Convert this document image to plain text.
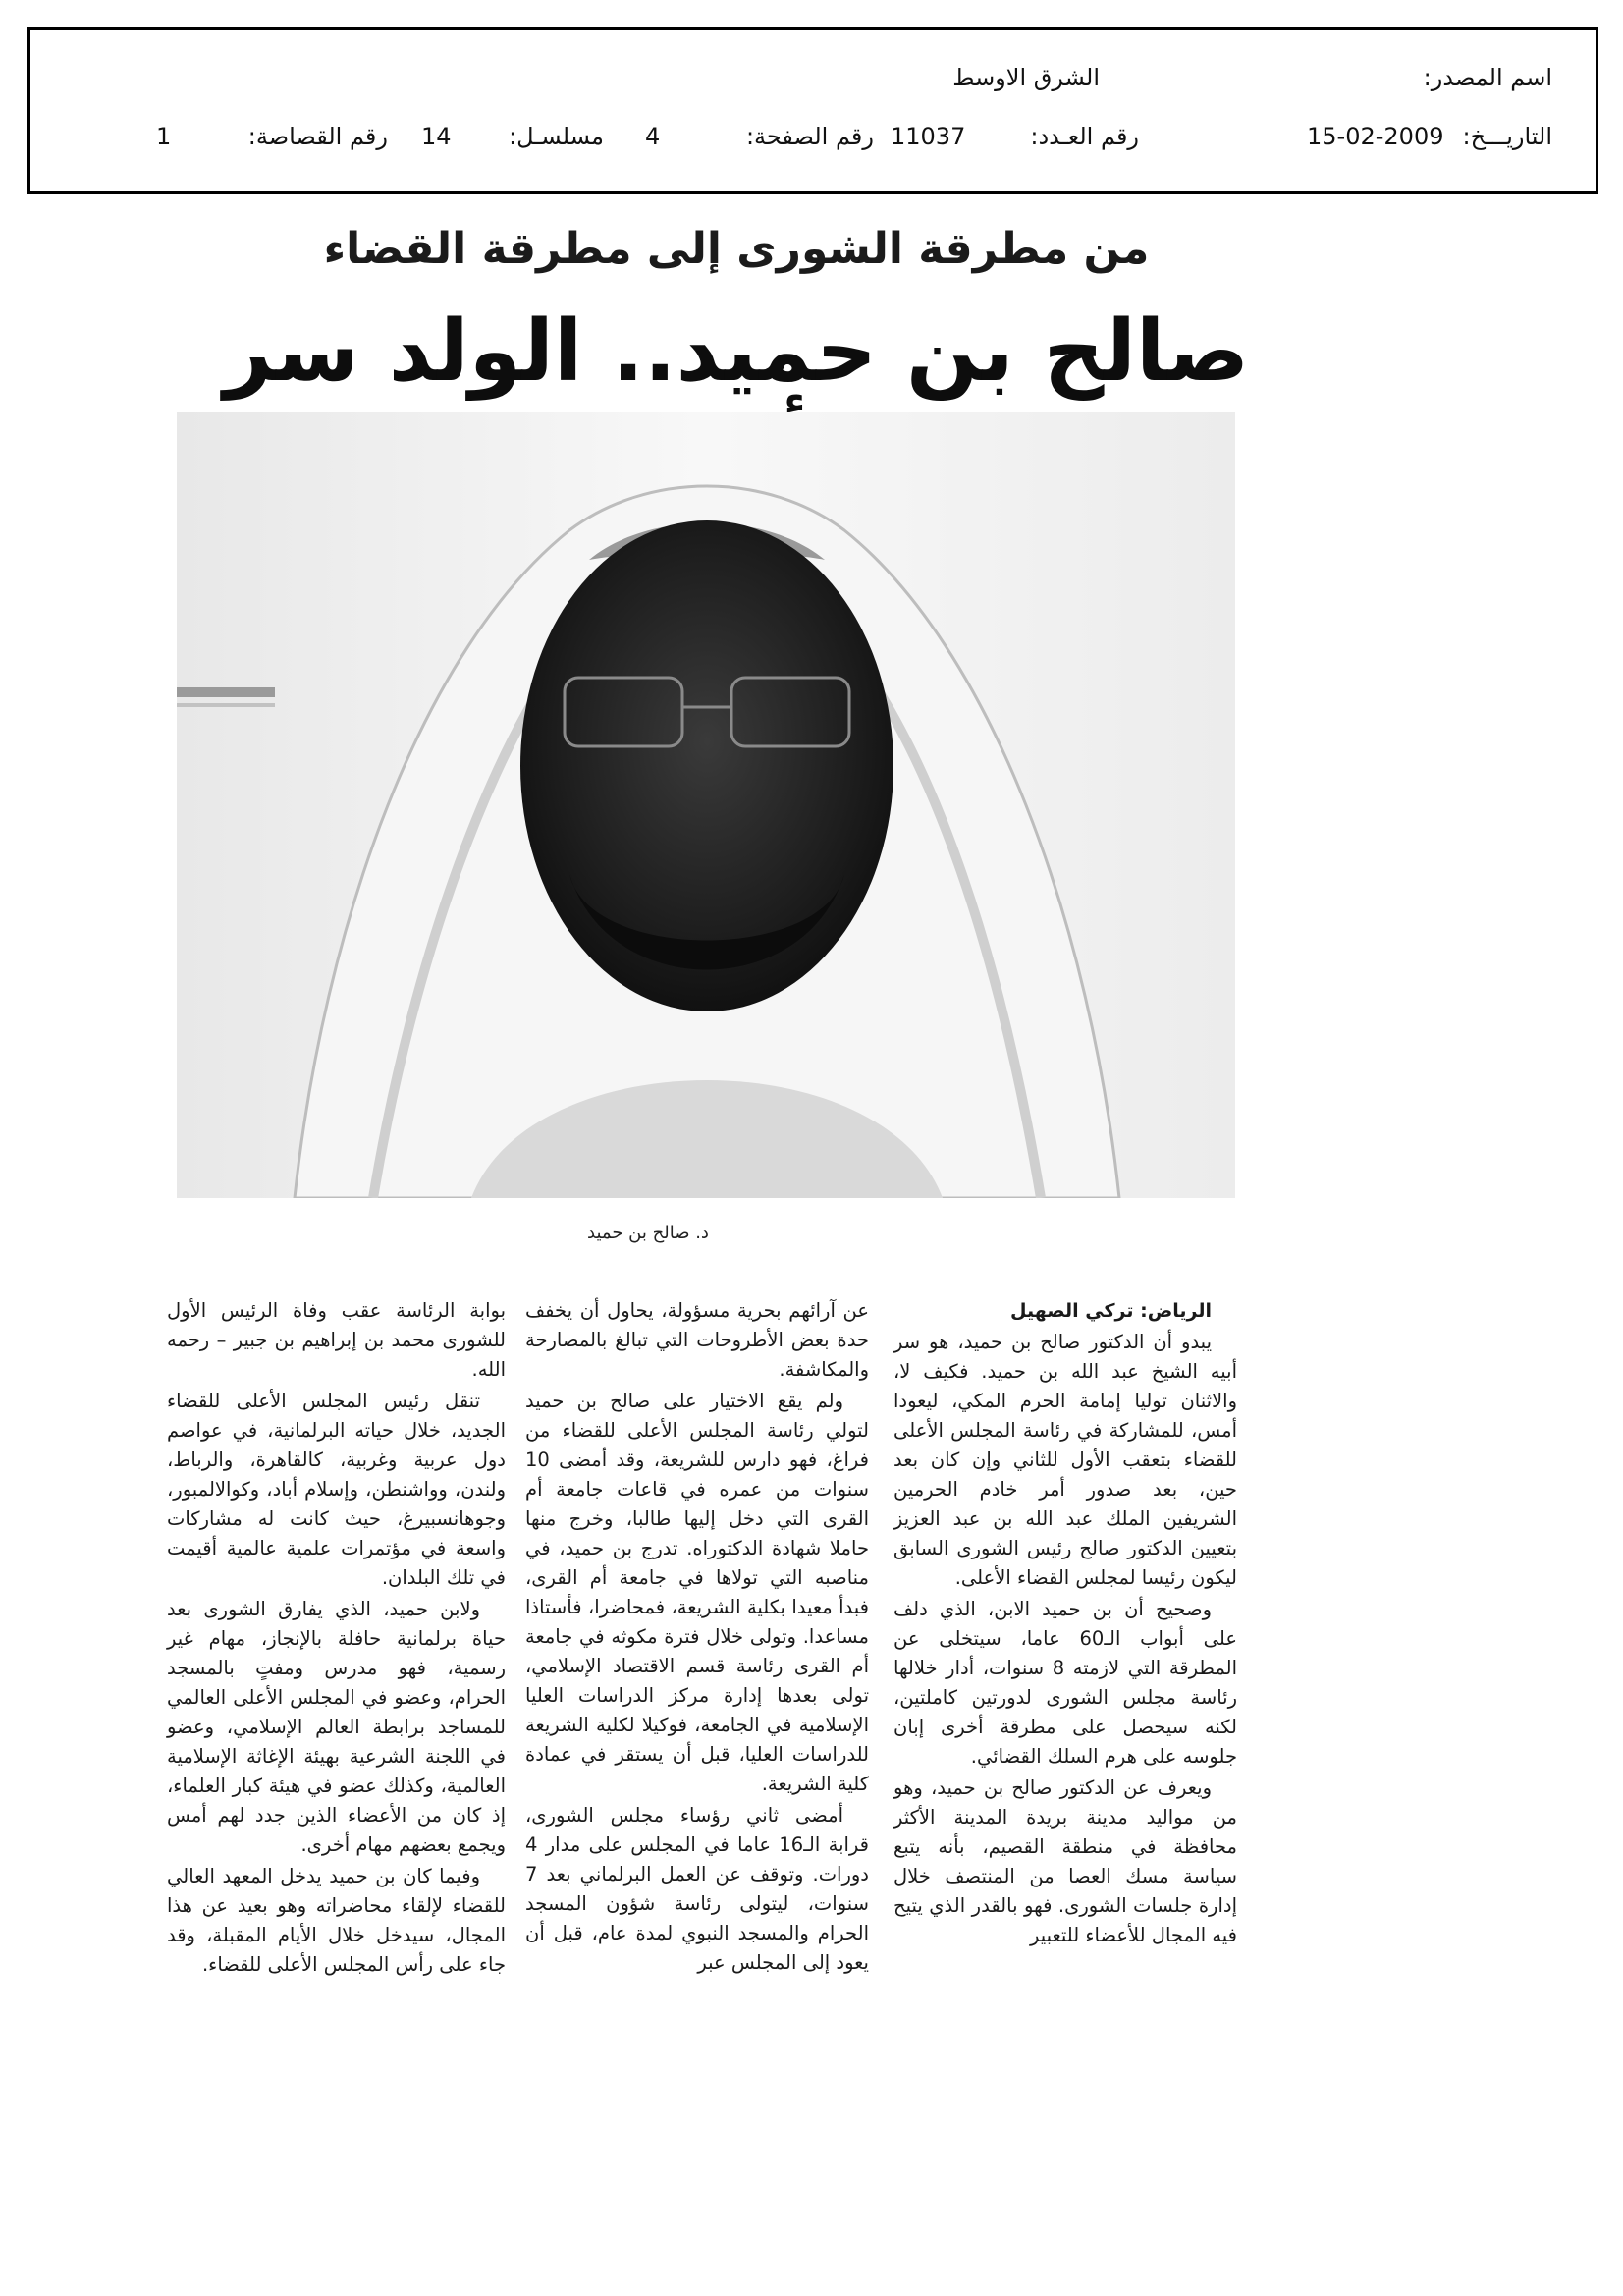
اسم المصدر:
الشرق الاوسط
التاريـــخ:
15-02-2009
رقم العـدد:
11037
رقم الصفحة:
4
مسلسـل:
14
رقم القصاصة:
1
من مطرقة الشورى إلى مطرقة القضاء
صالح بن حميد.. الولد سر
د. صالح بن حميد

الرياض: تركي الصهيل

يبدو أن الدكتور صالح بن حميد، هو سر أبيه الشيخ عبد الله بن حميد. فكيف لا، والاثنان توليا إمامة الحرم المكي، ليعودا أمس، للمشاركة في رئاسة المجلس الأعلى للقضاء بتعقب الأول للثاني وإن كان بعد حين، بعد صدور أمر خادم الحرمين الشريفين الملك عبد الله بن عبد العزيز بتعيين الدكتور صالح رئيس الشورى السابق ليكون رئيسا لمجلس القضاء الأعلى.

وصحيح أن بن حميد الابن، الذي دلف على أبواب الـ60 عاما، سيتخلى عن المطرقة التي لازمته 8 سنوات، أدار خلالها رئاسة مجلس الشورى لدورتين كاملتين، لكنه سيحصل على مطرقة أخرى إبان جلوسه على هرم السلك القضائي.

ويعرف عن الدكتور صالح بن حميد، وهو من مواليد مدينة بريدة المدينة الأكثر محافظة في منطقة القصيم، بأنه يتبع سياسة مسك العصا من المنتصف خلال إدارة جلسات الشورى. فهو بالقدر الذي يتيح فيه المجال للأعضاء للتعبير

عن آرائهم بحرية مسؤولة، يحاول أن يخفف حدة بعض الأطروحات التي تبالغ بالمصارحة والمكاشفة.

ولم يقع الاختيار على صالح بن حميد لتولي رئاسة المجلس الأعلى للقضاء من فراغ، فهو دارس للشريعة، وقد أمضى 10 سنوات من عمره في قاعات جامعة أم القرى التي دخل إليها طالبا، وخرج منها حاملا شهادة الدكتوراه. تدرج بن حميد، في مناصبه التي تولاها في جامعة أم القرى، فبدأ معيدا بكلية الشريعة، فمحاضرا، فأستاذا مساعدا. وتولى خلال فترة مكوثه في جامعة أم القرى رئاسة قسم الاقتصاد الإسلامي، تولى بعدها إدارة مركز الدراسات العليا الإسلامية في الجامعة، فوكيلا لكلية الشريعة للدراسات العليا، قبل أن يستقر في عمادة كلية الشريعة.

أمضى ثاني رؤساء مجلس الشورى، قرابة الـ16 عاما في المجلس على مدار 4 دورات. وتوقف عن العمل البرلماني بعد 7 سنوات، ليتولى رئاسة شؤون المسجد الحرام والمسجد النبوي لمدة عام، قبل أن يعود إلى المجلس عبر

بوابة الرئاسة عقب وفاة الرئيس الأول للشورى محمد بن إبراهيم بن جبير – رحمه الله.

تنقل رئيس المجلس الأعلى للقضاء الجديد، خلال حياته البرلمانية، في عواصم دول عربية وغربية، كالقاهرة، والرباط، ولندن، وواشنطن، وإسلام أباد، وكوالالمبور، وجوهانسبيرغ، حيث كانت له مشاركات واسعة في مؤتمرات علمية عالمية أقيمت في تلك البلدان.

ولابن حميد، الذي يفارق الشورى بعد حياة برلمانية حافلة بالإنجاز، مهام غير رسمية، فهو مدرس ومفتٍ بالمسجد الحرام، وعضو في المجلس الأعلى العالمي للمساجد برابطة العالم الإسلامي، وعضو في اللجنة الشرعية بهيئة الإغاثة الإسلامية العالمية، وكذلك عضو في هيئة كبار العلماء، إذ كان من الأعضاء الذين جدد لهم أمس ويجمع بعضهم مهام أخرى.

وفيما كان بن حميد يدخل المعهد العالي للقضاء لإلقاء محاضراته وهو بعيد عن هذا المجال، سيدخل خلال الأيام المقبلة، وقد جاء على رأس المجلس الأعلى للقضاء.
